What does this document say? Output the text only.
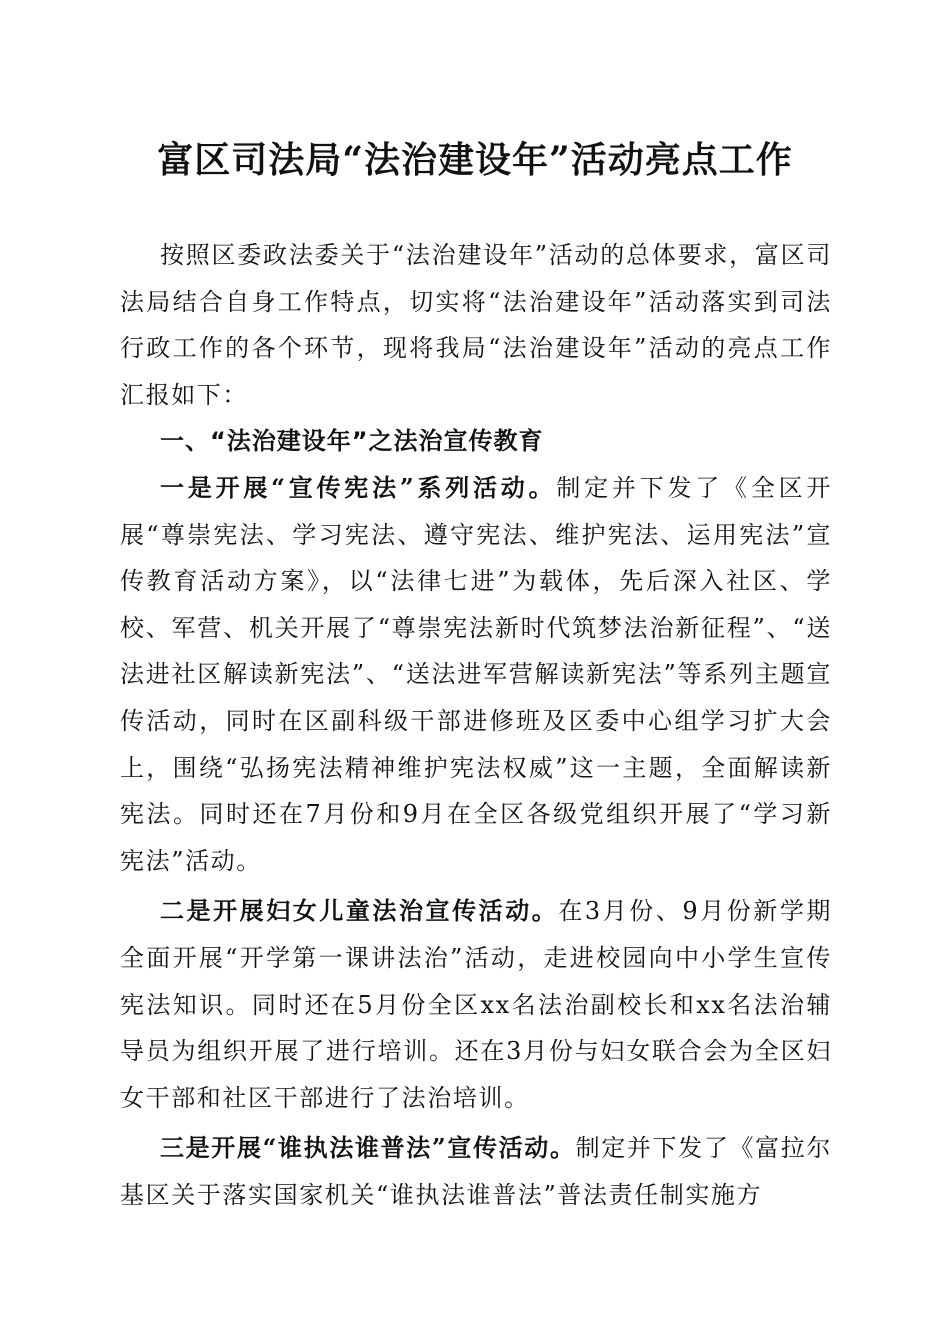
富区司法局“法治建设年”活动亮点工作

按照区委政法委关于“法治建设年”活动的总体要求，富区司法局结合自身工作特点，切实将“法治建设年”活动落实到司法行政工作的各个环节，现将我局“法治建设年”活动的亮点工作汇报如下：

一、“法治建设年”之法治宣传教育

一是开展“宣传宪法”系列活动。制定并下发了《全区开展“尊崇宪法、学习宪法、遵守宪法、维护宪法、运用宪法”宣传教育活动方案》，以“法律七进”为载体，先后深入社区、学校、军营、机关开展了“尊崇宪法新时代筑梦法治新征程”、“送法进社区解读新宪法”、“送法进军营解读新宪法”等系列主题宣传活动，同时在区副科级干部进修班及区委中心组学习扩大会上，围绕“弘扬宪法精神维护宪法权威”这一主题，全面解读新宪法。同时还在7月份和9月在全区各级党组织开展了“学习新宪法”活动。

二是开展妇女儿童法治宣传活动。在3月份、9月份新学期全面开展“开学第一课讲法治”活动，走进校园向中小学生宣传宪法知识。同时还在5月份全区xx名法治副校长和xx名法治辅导员为组织开展了进行培训。还在3月份与妇女联合会为全区妇女干部和社区干部进行了法治培训。

三是开展“谁执法谁普法”宣传活动。制定并下发了《富拉尔基区关于落实国家机关“谁执法谁普法”普法责任制实施方
